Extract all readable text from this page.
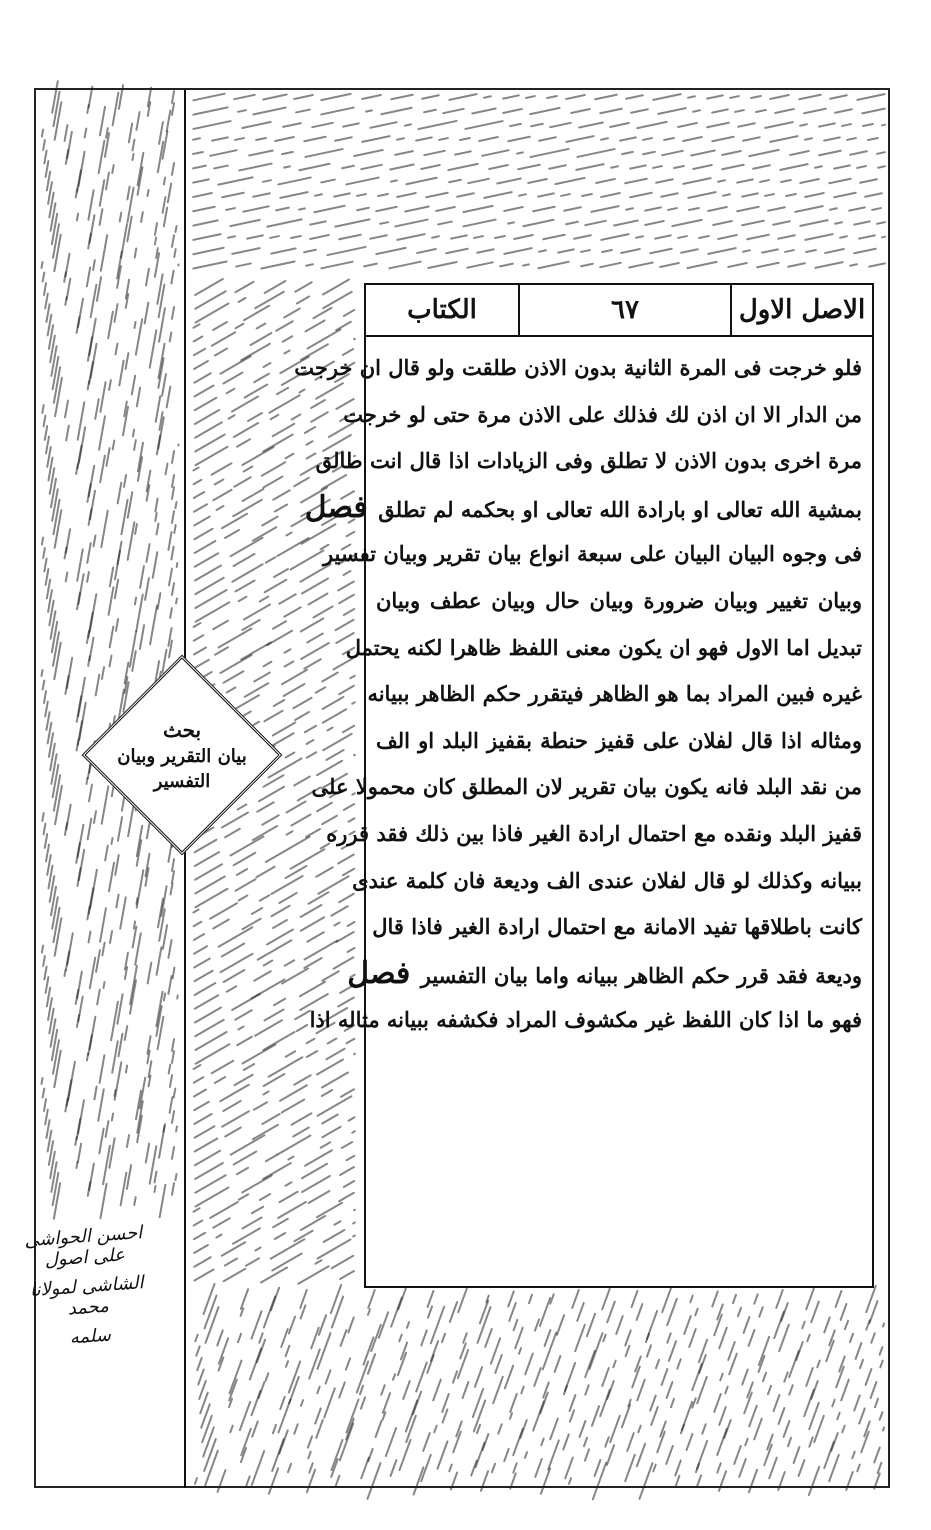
بحث
بيان التقرير وبيان
التفسير
الاصل الاول
٦٧
الكتاب
فلو خرجت فى المرة الثانية بدون الاذن طلقت ولو قال ان خرجت
من الدار الا ان اذن لك فذلك على الاذن مرة حتى لو خرجت
مرة اخرى بدون الاذن لا تطلق وفى الزيادات اذا قال انت طالق
بمشية الله تعالى او بارادة الله تعالى او بحكمه لم تطلق فصل
فى وجوه البيان البيان على سبعة انواع بيان تقرير وبيان تفسير
وبيان تغيير وبيان ضرورة وبيان حال وبيان عطف وبيان
تبديل اما الاول فهو ان يكون معنى اللفظ ظاهرا لكنه يحتمل
غيره فبين المراد بما هو الظاهر فيتقرر حكم الظاهر ببيانه
ومثاله اذا قال لفلان على قفيز حنطة بقفيز البلد او الف
من نقد البلد فانه يكون بيان تقرير لان المطلق كان محمولا على
قفيز البلد ونقده مع احتمال ارادة الغير فاذا بين ذلك فقد قرره
ببيانه وكذلك لو قال لفلان عندى الف وديعة فان كلمة عندى
كانت باطلاقها تفيد الامانة مع احتمال ارادة الغير فاذا قال
وديعة فقد قرر حكم الظاهر ببيانه واما بيان التفسير فصل
فهو ما اذا كان اللفظ غير مكشوف المراد فكشفه ببيانه مثاله اذا
احسن الحواشى على اصول
الشاشى لمولانا محمد
سلمه
